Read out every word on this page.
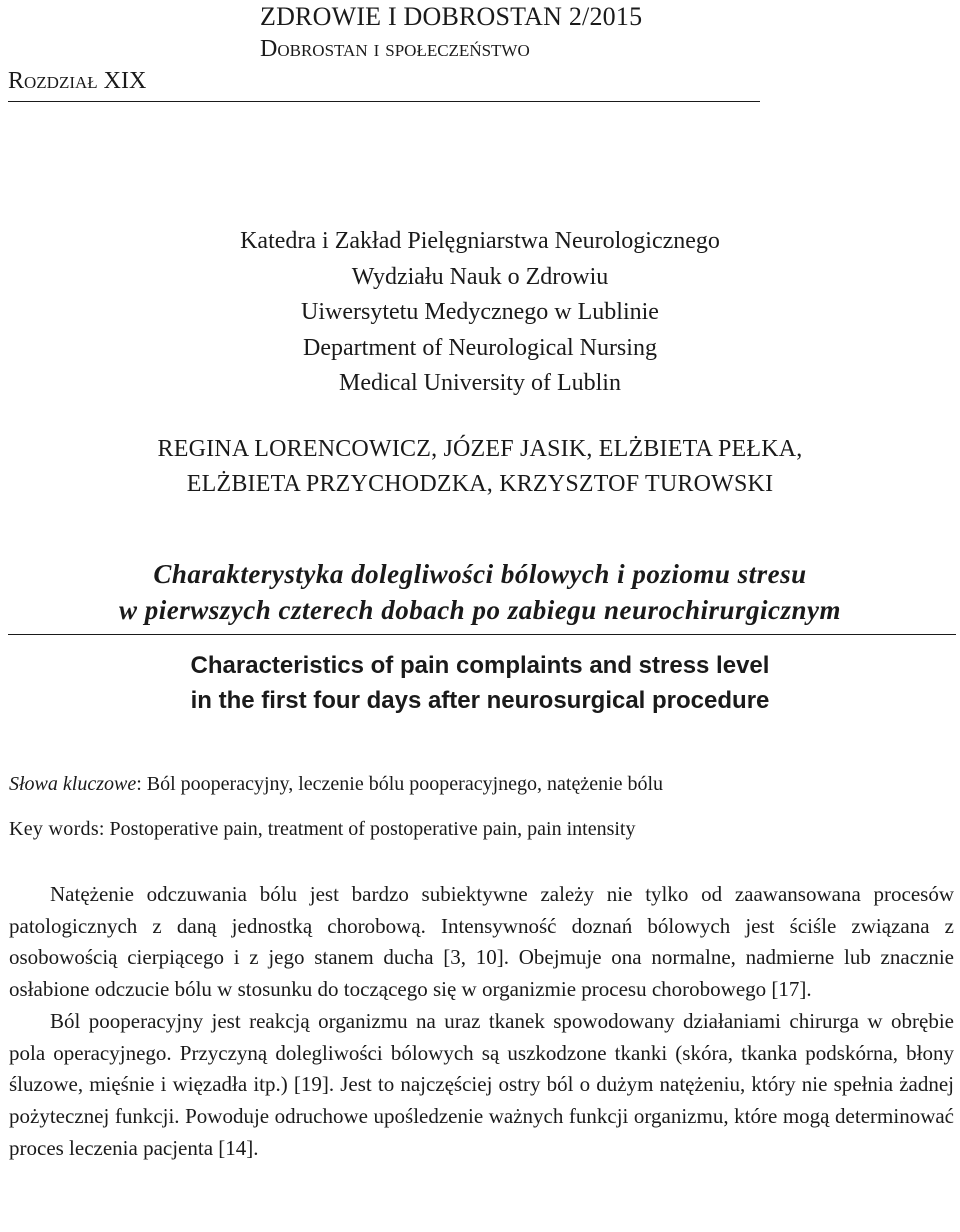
ZDROWIE I DOBROSTAN 2/2015
Dobrostan i społeczeństwo
Rozdział XIX
Katedra i Zakład Pielęgniarstwa Neurologicznego
Wydziału Nauk o Zdrowiu
Uiwersytetu Medycznego w Lublinie
Department of Neurological Nursing
Medical University of Lublin
REGINA LORENCOWICZ, JÓZEF JASIK, ELŻBIETA PEŁKA,
ELŻBIETA PRZYCHODZKA, KRZYSZTOF TUROWSKI
Charakterystyka dolegliwości bólowych i poziomu stresu
w pierwszych czterech dobach po zabiegu neurochirurgicznym
Characteristics of pain complaints and stress level
in the first four days after neurosurgical procedure
Słowa kluczowe: Ból pooperacyjny, leczenie bólu pooperacyjnego, natężenie bólu
Key words: Postoperative pain, treatment of postoperative pain, pain intensity

Natężenie odczuwania bólu jest bardzo subiektywne zależy nie tylko od zaawansowana procesów patologicznych z daną jednostką chorobową. Intensywność doznań bólowych jest ściśle związana z osobowością cierpiącego i z jego stanem ducha [3, 10]. Obejmuje ona normalne, nadmierne lub znacznie osłabione odczucie bólu w stosunku do toczącego się w organizmie procesu chorobowego [17].

Ból pooperacyjny jest reakcją organizmu na uraz tkanek spowodowany działaniami chirurga w obrębie pola operacyjnego. Przyczyną dolegliwości bólowych są uszkodzone tkanki (skóra, tkanka podskórna, błony śluzowe, mięśnie i więzadła itp.) [19]. Jest to najczęściej ostry ból o dużym natężeniu, który nie spełnia żadnej pożytecznej funkcji. Powoduje odruchowe upośledzenie ważnych funkcji organizmu, które mogą determinować proces leczenia pacjenta [14].
